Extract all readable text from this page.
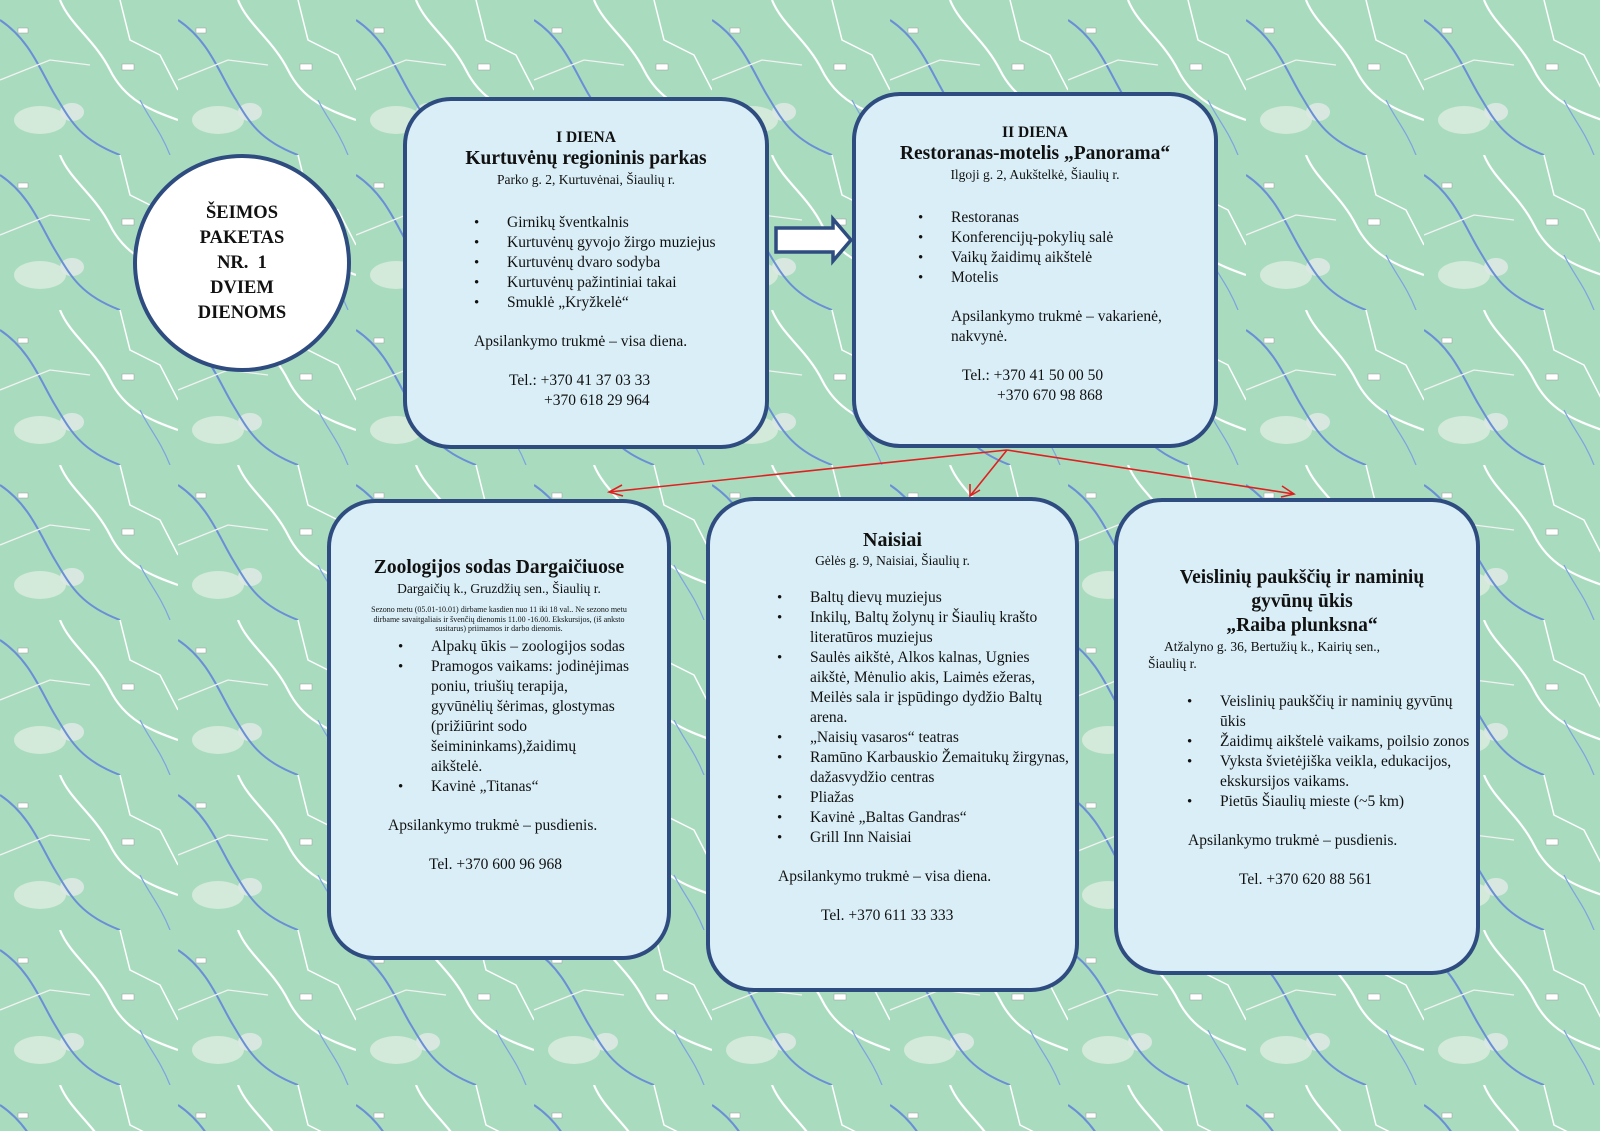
ŠEIMOS
PAKETAS
NR.  1
DVIEM
DIENOMS
I DIENA
Kurtuvėnų regioninis parkas
Parko g. 2, Kurtuvėnai, Šiaulių r.
• Girnikų šventkalnis
• Kurtuvėnų gyvojo žirgo muziejus
• Kurtuvėnų dvaro sodyba
• Kurtuvėnų pažintiniai takai
• Smuklė „Kryžkelė“
Apsilankymo trukmė – visa diena.
Tel.: +370 41 37 03 33
+370 618 29 964
II DIENA
Restoranas-motelis „Panorama“
Ilgoji g. 2, Aukštelkė, Šiaulių r.
• Restoranas
• Konferencijų-pokylių salė
• Vaikų žaidimų aikštelė
• Motelis
Apsilankymo trukmė – vakarienė,
nakvynė.
Tel.: +370 41 50 00 50
+370 670 98 868
Zoologijos sodas Dargaičiuose
Dargaičių k., Gruzdžių sen., Šiaulių r.
Sezono metu (05.01-10.01) dirbame kasdien nuo 11 iki 18 val.. Ne sezono metu dirbame savaitgaliais ir švenčių dienomis 11.00 -16.00. Ekskursijos, (iš anksto susitarus) priimamos ir darbo dienomis.
• Alpakų ūkis – zoologijos sodas
• Pramogos vaikams: jodinėjimas poniu, triušių terapija, gyvūnėlių šėrimas, glostymas (prižiūrint sodo šeimininkams),žaidimų aikštelė.
• Kavinė „Titanas“
Apsilankymo trukmė – pusdienis.
Tel. +370 600 96 968
Naisiai
Gėlės g. 9, Naisiai, Šiaulių r.
• Baltų dievų muziejus
• Inkilų, Baltų žolynų ir Šiaulių krašto literatūros muziejus
• Saulės aikštė, Alkos kalnas, Ugnies aikštė, Mėnulio akis, Laimės ežeras, Meilės sala ir įspūdingo dydžio Baltų arena.
• „Naisių vasaros“ teatras
• Ramūno Karbauskio Žemaitukų žirgynas, dažasvydžio centras
• Pliažas
• Kavinė „Baltas Gandras“
• Grill Inn Naisiai
Apsilankymo trukmė – visa diena.
Tel. +370 611 33 333
Veislinių paukščių ir naminių
gyvūnų ūkis
„Raiba plunksna“
Atžalyno g. 36, Bertužių k., Kairių sen.,
Šiaulių r.
• Veislinių paukščių ir naminių gyvūnų ūkis
• Žaidimų aikštelė vaikams, poilsio zonos
• Vyksta švietėjiška veikla, edukacijos, ekskursijos vaikams.
• Pietūs Šiaulių mieste (~5 km)
Apsilankymo trukmė – pusdienis.
Tel. +370 620 88 561
